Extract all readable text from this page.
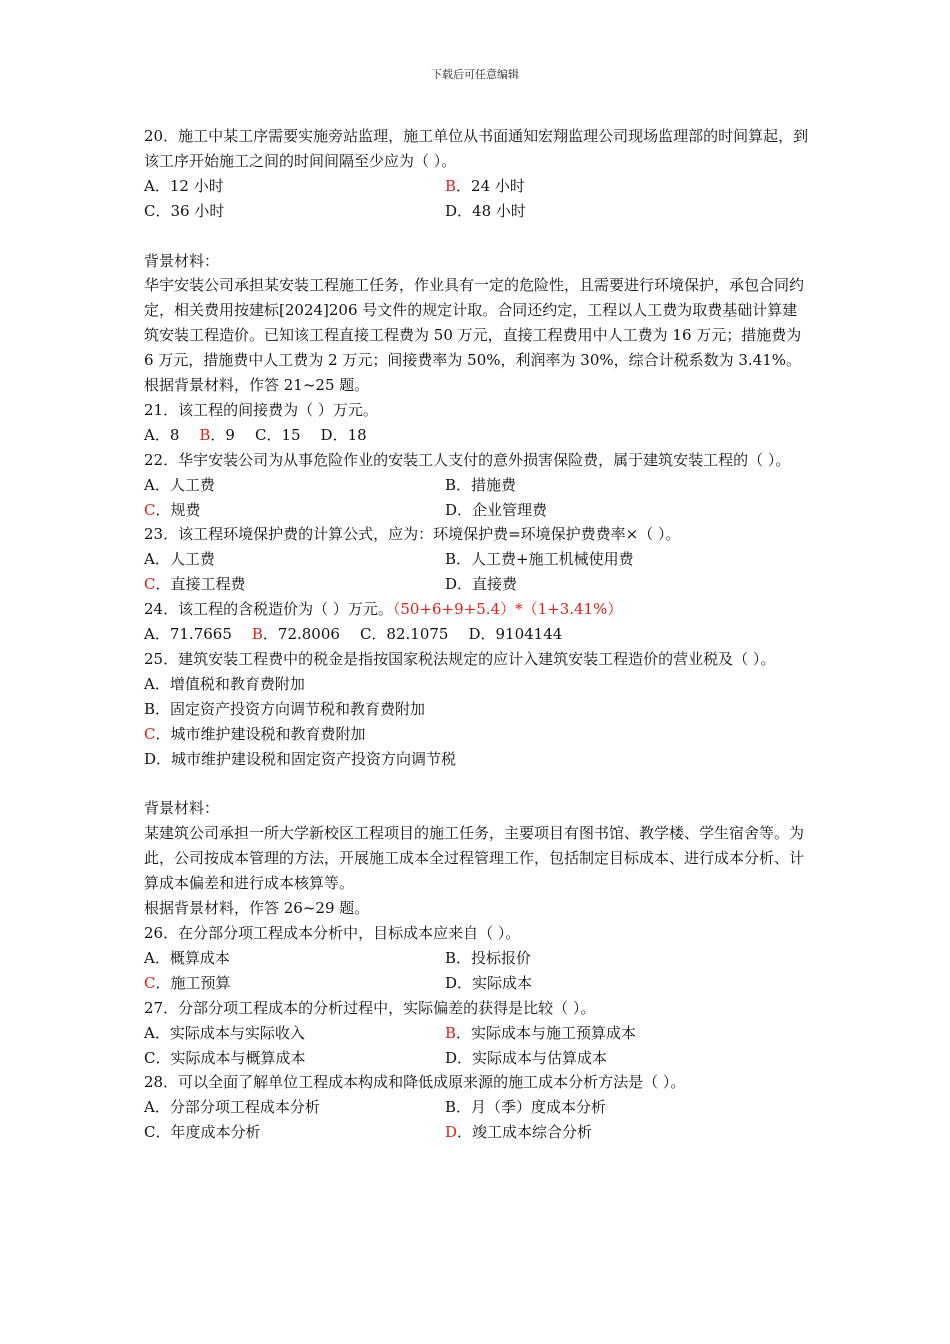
下载后可任意编辑

20．施工中某工序需要实施旁站监理，施工单位从书面通知宏翔监理公司现场监理部的时间算起，到该工序开始施工之间的时间间隔至少应为（ ）。

A．12 小时	B．24 小时
C．36 小时	D．48 小时

背景材料：

华宇安装公司承担某安装工程施工任务，作业具有一定的危险性，且需要进行环境保护，承包合同约定，相关费用按建标[2024]206 号文件的规定计取。合同还约定，工程以人工费为取费基础计算建筑安装工程造价。已知该工程直接工程费为 50 万元，直接工程费用中人工费为 16 万元；措施费为 6 万元，措施费中人工费为 2 万元；间接费率为 50%，利润率为 30%，综合计税系数为 3.41%。

根据背景材料，作答 21~25 题。

21．该工程的间接费为（ ）万元。

A．8 B．9 C．15 D．18

22．华宇安装公司为从事危险作业的安装工人支付的意外损害保险费，属于建筑安装工程的（ ）。

A．人工费	B．措施费
C．规费	D．企业管理费

23．该工程环境保护费的计算公式，应为：环境保护费=环境保护费费率×（ ）。

A．人工费	B．人工费+施工机械使用费
C．直接工程费	D．直接费

24．该工程的含税造价为（ ）万元。（50+6+9+5.4）*（1+3.41%）

A．71.7665 B．72.8006 C．82.1075 D．9104144

25．建筑安装工程费中的税金是指按国家税法规定的应计入建筑安装工程造价的营业税及（ ）。

A．增值税和教育费附加
B．固定资产投资方向调节税和教育费附加
C．城市维护建设税和教育费附加
D．城市维护建设税和固定资产投资方向调节税

背景材料：

某建筑公司承担一所大学新校区工程项目的施工任务，主要项目有图书馆、教学楼、学生宿舍等。为此，公司按成本管理的方法，开展施工成本全过程管理工作，包括制定目标成本、进行成本分析、计算成本偏差和进行成本核算等。

根据背景材料，作答 26~29 题。

26．在分部分项工程成本分析中，目标成本应来自（ ）。

A．概算成本	B．投标报价
C．施工预算	D．实际成本

27．分部分项工程成本的分析过程中，实际偏差的获得是比较（ ）。

A．实际成本与实际收入	B．实际成本与施工预算成本
C．实际成本与概算成本	D．实际成本与估算成本

28．可以全面了解单位工程成本构成和降低成原来源的施工成本分析方法是（ ）。

A．分部分项工程成本分析	B．月（季）度成本分析
C．年度成本分析	D．竣工成本综合分析
